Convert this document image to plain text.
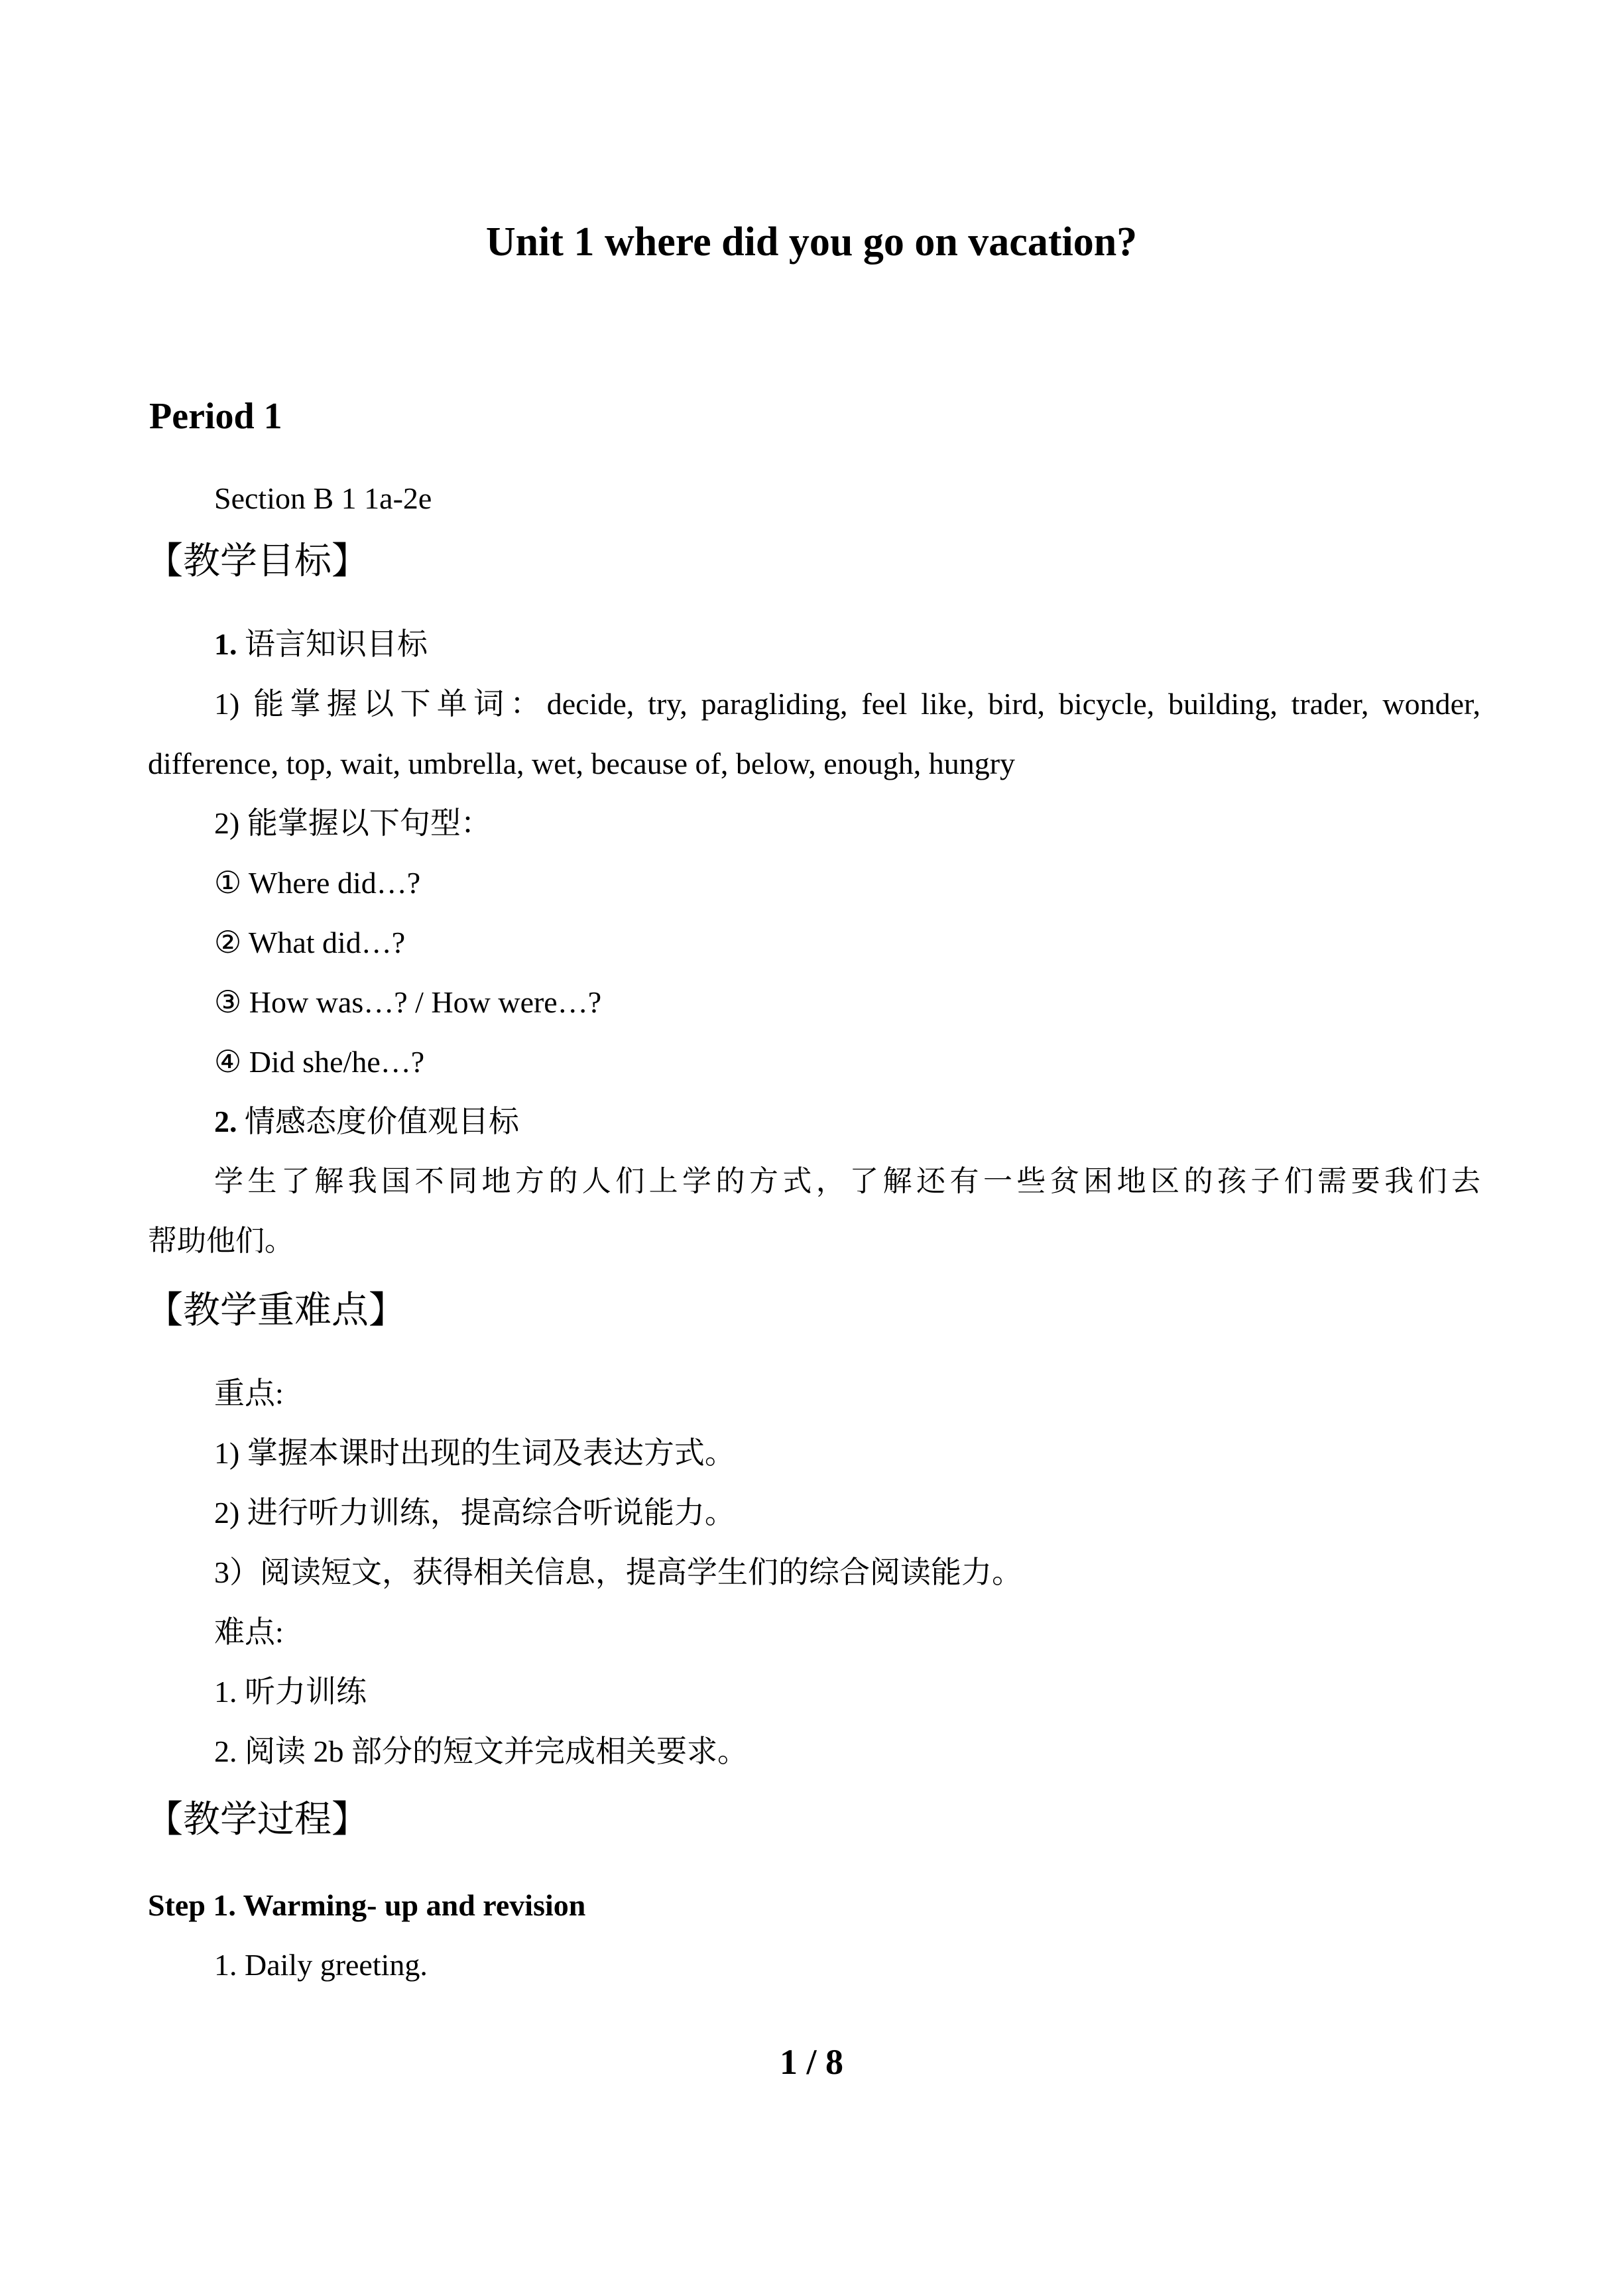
Unit 1 where did you go on vacation?
Period 1
Section B 1 1a-2e
【教学目标】
1. 语言知识目标
1) 能掌握以下单词：decide, try, paragliding, feel like, bird, bicycle, building, trader, wonder,
difference, top, wait, umbrella, wet, because of, below, enough, hungry
2) 能掌握以下句型：
① Where did…?
② What did…?
③ How was…? / How were…?
④ Did she/he…?
2. 情感态度价值观目标
学生了解我国不同地方的人们上学的方式，了解还有一些贫困地区的孩子们需要我们去
帮助他们。
【教学重难点】
重点:
1) 掌握本课时出现的生词及表达方式。
2) 进行听力训练，提高综合听说能力。
3）阅读短文，获得相关信息，提高学生们的综合阅读能力。
难点:
1. 听力训练
2. 阅读 2b 部分的短文并完成相关要求。
【教学过程】
Step 1. Warming- up and revision
1. Daily greeting.
1 / 8
